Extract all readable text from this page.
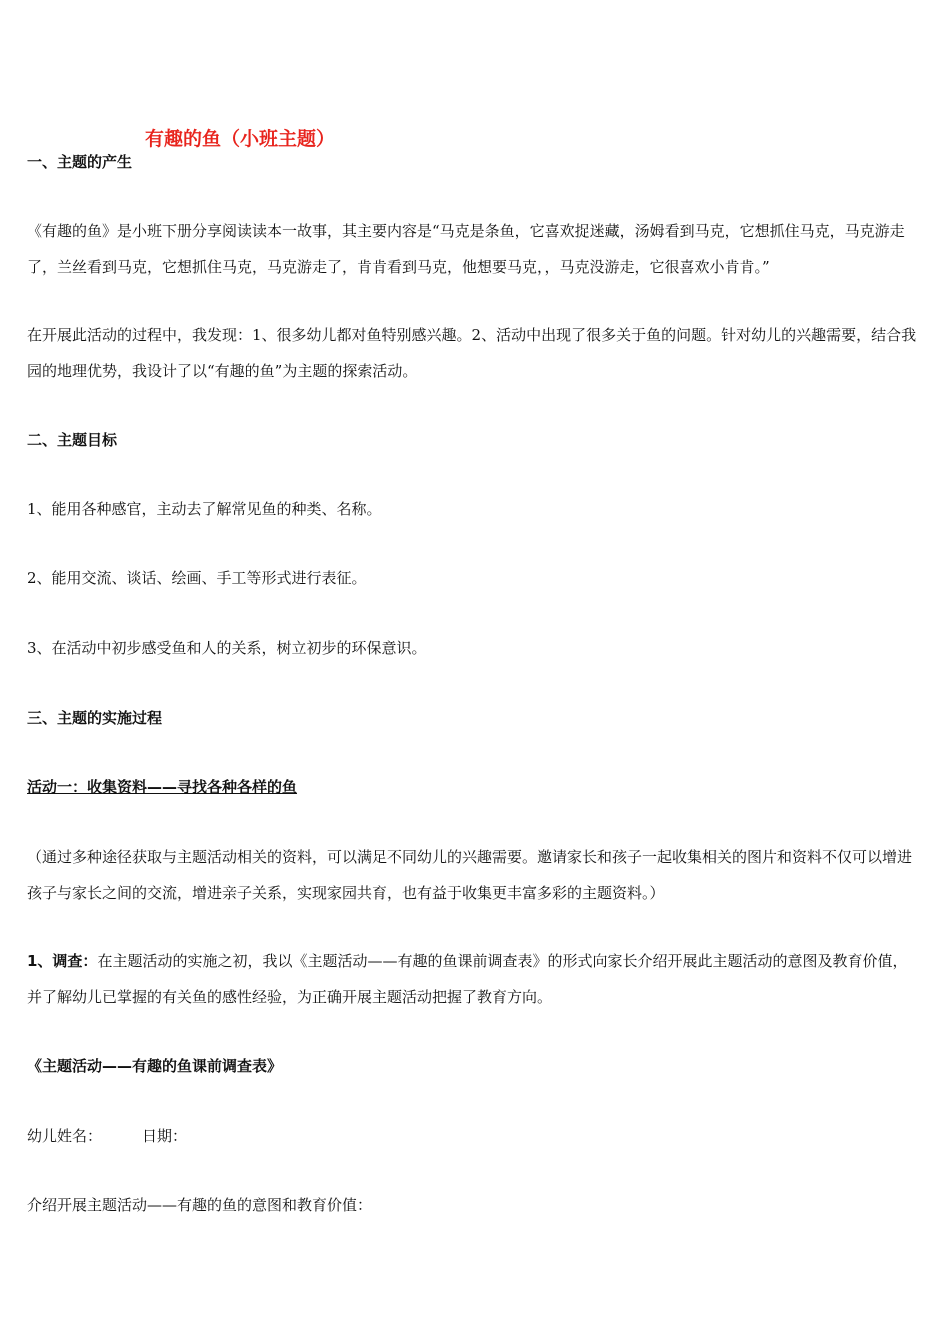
有趣的鱼（小班主题）
一、主题的产生
《有趣的鱼》是小班下册分享阅读读本一故事，其主要内容是“马克是条鱼，它喜欢捉迷藏，汤姆看到马克，它想抓住马克，马克游走了，兰丝看到马克，它想抓住马克，马克游走了，肯肯看到马克，他想要马克，，马克没游走，它很喜欢小肯肯。”
在开展此活动的过程中，我发现：1、很多幼儿都对鱼特别感兴趣。2、活动中出现了很多关于鱼的问题。针对幼儿的兴趣需要，结合我园的地理优势，我设计了以“有趣的鱼”为主题的探索活动。
二、主题目标
1、能用各种感官，主动去了解常见鱼的种类、名称。
2、能用交流、谈话、绘画、手工等形式进行表征。
3、在活动中初步感受鱼和人的关系，树立初步的环保意识。
三、主题的实施过程
活动一：收集资料——寻找各种各样的鱼
（通过多种途径获取与主题活动相关的资料，可以满足不同幼儿的兴趣需要。邀请家长和孩子一起收集相关的图片和资料不仅可以增进孩子与家长之间的交流，增进亲子关系，实现家园共育，也有益于收集更丰富多彩的主题资料。）
1、调查：在主题活动的实施之初，我以《主题活动——有趣的鱼课前调查表》的形式向家长介绍开展此主题活动的意图及教育价值，并了解幼儿已掌握的有关鱼的感性经验，为正确开展主题活动把握了教育方向。
《主题活动——有趣的鱼课前调查表》
幼儿姓名：	日期：
介绍开展主题活动——有趣的鱼的意图和教育价值：
